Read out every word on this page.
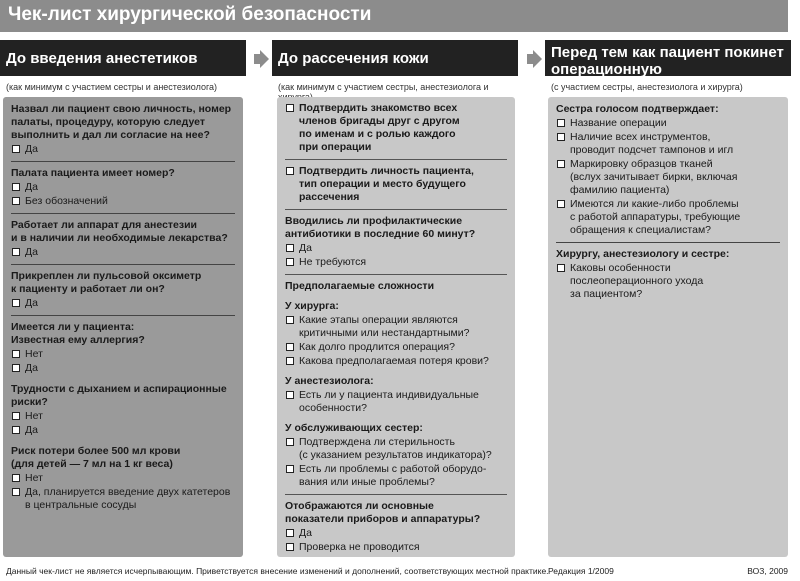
Чек-лист хирургической безопасности
До введения анестетиков
(как минимум с участием сестры и анестезиолога)
До рассечения кожи
(как минимум с участием сестры, анестезиолога и
Перед тем как пациент покинет
операционную
(с участием сестры, анестезиолога и хирурга)
Назвал ли пациент свою личность, номер
палаты, процедуру, которую следует
выполнить и дал ли согласие на нее?
Да
Палата пациента имеет номер?
Да
Без обозначений
Работает ли аппарат для анестезии
и в наличии ли необходимые лекарства?
Да
Прикреплен ли пульсовой оксиметр
к пациенту и работает ли он?
Да
Имеется ли у пациента:
Известная ему аллергия?
Нет
Да
Трудности с дыханием и аспирационные
риски?
Нет
Да
Риск потери более 500 мл крови
(для детей — 7 мл на 1 кг веса)
Нет
Да, планируется введение двух катетеров
в центральные сосуды
Подтвердить знакомство всех
членов бригады друг с другом
по именам и с ролью каждого
при операции
Подтвердить личность пациента,
тип операции и место будущего
рассечения
Вводились ли профилактические
антибиотики в последние 60 минут?
Да
Не требуются
Предполагаемые сложности
У хирурга:
Какие этапы операции являются
критичными или нестандартными?
Как долго продлится операция?
Какова предполагаемая потеря крови?
У анестезиолога:
Есть ли у пациента индивидуальные
особенности?
У обслуживающих сестер:
Подтверждена ли стерильность
(с указанием результатов индикатора)?
Есть ли проблемы с работой оборудо-
вания или иные проблемы?
Отображаются ли основные
показатели приборов и аппаратуры?
Да
Проверка не проводится
Сестра голосом подтверждает:
Название операции
Наличие всех инструментов,
проводит подсчет тампонов и игл
Маркировку образцов тканей
(вслух зачитывает бирки, включая
фамилию пациента)
Имеются ли какие-либо проблемы
с работой аппаратуры, требующие
обращения к специалистам?
Хирургу, анестезиологу и сестре:
Каковы особенности
послеоперационного ухода
за пациентом?
Данный чек-лист не является исчерпывающим. Приветствуется внесение изменений и дополнений, соответствующих местной практике. Редакция 1/2009	ВОЗ, 2009
